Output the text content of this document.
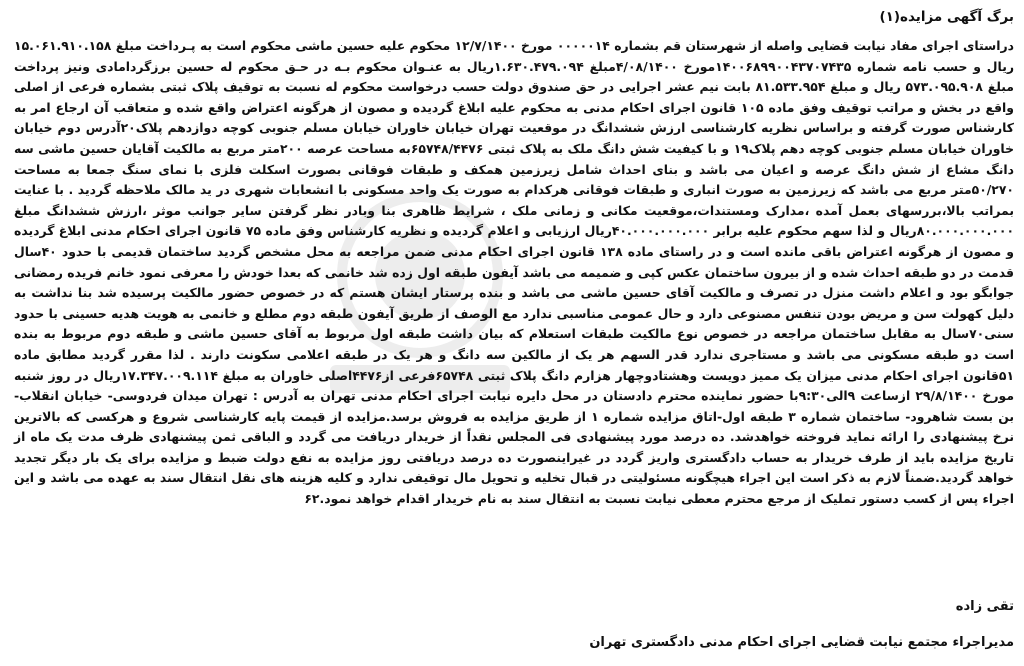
برگ آگهی مزایده(۱)

دراستای اجرای مفاد نیابت قضایی واصله از شهرستان قم بشماره ۰۰۰۰۰۱۴ مورخ ۱۲/۷/۱۴۰۰ محکوم علیه حسین ماشی محکوم است به پـرداخت مبلغ ۱۵.۰۶۱.۹۱۰.۱۵۸ ریال و حسب نامه شماره ۱۴۰۰۶۸۹۹۰۰۴۳۷۰۷۴۳۵مورخ ۴/۰۸/۱۴۰۰مبلغ ۱.۶۳۰.۴۷۹.۰۹۴ریال به عنـوان محکوم بـه در حـق محکوم له حسین برزگردامادی ونیز پرداخت مبلغ ۵۷۳.۰۹۵.۹۰۸ ریال و مبلغ ۸۱.۵۳۳.۹۵۴ بابت نیم عشر اجرایی در حق صندوق دولت حسب درخواست محکوم له نسبت به توقیف پلاک ثبتی بشماره فرعی از اصلی واقع در بخش و مراتب توقیف وفق ماده ۱۰۵ قانون اجرای احکام مدنی به محکوم علیه ابلاغ گردیده و مصون از هرگونه اعتراض واقع شده و متعاقب آن ارجاع امر به کارشناس صورت گرفته و براساس نظریه کارشناسی ارزش ششدانگ در موقعیت تهران خیابان خاوران خیابان مسلم جنوبی کوچه دوازدهم پلاک۲۰آدرس دوم خیابان خاوران خیابان مسلم جنوبی کوچه دهم پلاک۱۹ و با کیفیت شش دانگ ملک به پلاک ثبتی ۶۵۷۴۸/۴۴۷۶به مساحت عرصه ۲۰۰متر مربع به مالکیت آقایان حسین ماشی سه دانگ مشاع از شش دانگ عرصه و اعیان می باشد و بنای احداث شامل زیرزمین همکف و طبقات فوقانی بصورت اسکلت فلزی با نمای سنگ جمعا به مساحت ۵۰/۲۷۰متر مربع می باشد که زیرزمین به صورت انباری و طبقات فوقانی هرکدام به صورت یک واحد مسکونی با انشعابات شهری در ید مالک ملاحظه گردید . با عنایت بمراتب بالا،بررسهای بعمل آمده ،مدارک ومستندات،موقعیت مکانی و زمانی ملک ، شرایط ظاهری بنا وبادر نظر گرفتن سایر جوانب موثر ،ارزش ششدانگ مبلغ ۸۰.۰۰۰.۰۰۰.۰۰۰ریال و لذا سهم محکوم علیه برابر ۴۰.۰۰۰.۰۰۰.۰۰۰ریال ارزیابی و اعلام گردیده و نظریه کارشناس وفق ماده ۷۵ قانون اجرای احکام مدنی ابلاغ گردیده و مصون از هرگونه اعتراض باقی مانده است و در راستای ماده ۱۳۸ قانون اجرای احکام مدنی ضمن مراجعه به محل مشخص گردید ساختمان قدیمی با حدود ۴۰سال قدمت در دو طبقه احداث شده و از بیرون ساختمان عکس کپی و ضمیمه می باشد آیفون طبقه اول زده شد خانمی که بعدا خودش را معرفی نمود خانم فریده رمضانی جوابگو بود و اعلام داشت منزل در تصرف و مالکیت آقای حسین ماشی می باشد و بنده پرستار ایشان هستم که در خصوص حضور مالکیت پرسیده شد بنا نداشت به دلیل کهولت سن و مریض بودن تنفس مصنوعی دارد و حال عمومی مناسبی ندارد مع الوصف از طریق آیفون طبقه دوم مطلع و خانمی به هویت هدیه حسینی با حدود سنی۷۰سال به مقابل ساختمان مراجعه در خصوص نوع مالکیت طبقات استعلام که بیان داشت طبقه اول مربوط به آقای حسین ماشی و طبقه دوم مربوط به بنده است دو طبقه مسکونی می باشد و مستاجری ندارد قدر السهم هر یک از مالکین سه دانگ و هر یک در طبقه اعلامی سکونت دارند . لذا مقرر گردید مطابق ماده ۵۱قانون اجرای احکام مدنی میزان یک ممیز دویست وهشتادوچهار هزارم دانگ پلاک ثبتی ۶۵۷۴۸فرعی از۴۴۷۶اصلی خاوران به مبلغ ۱۷.۳۴۷.۰۰۹.۱۱۴ریال در روز شنبه مورخ ۲۹/۸/۱۴۰۰ ازساعت ۹الی۹:۳۰با حضور نماینده محترم دادستان در محل دایره نیابت اجرای احکام مدنی تهران به آدرس : تهران میدان فردوسی- خیابان انقلاب- بن بست شاهرود- ساختمان شماره ۳ طبقه اول-اتاق مزایده شماره ۱ از طریق مزایده به فروش برسد.مزایده از قیمت پایه کارشناسی شروع و هرکسی که بالاترین نرخ پیشنهادی را ارائه نماید فروخته خواهدشد. ده درصد مورد پیشنهادی فی المجلس نقداً از خریدار دریافت می گردد و الباقی ثمن پیشنهادی ظرف مدت یک ماه از تاریخ مزایده باید از طرف خریدار به حساب دادگستری واریز گردد در غیراینصورت ده درصد دریافتی روز مزایده به نفع دولت ضبط و مزایده برای یک بار دیگر تجدید خواهد گردید.ضمناً لازم به ذکر است این اجراء هیچگونه مسئولیتی در قبال تخلیه و تحویل مال توقیفی ندارد و کلیه هزینه های نقل انتقال سند به عهده می باشد و این اجراء پس از کسب دستور تملیک از مرجع محترم معطی نیابت نسبت به انتقال سند به نام خریدار اقدام خواهد نمود.۶۲

تقی زاده
مدیراجراء مجتمع نیابت قضایی اجرای احکام مدنی دادگستری تهران
